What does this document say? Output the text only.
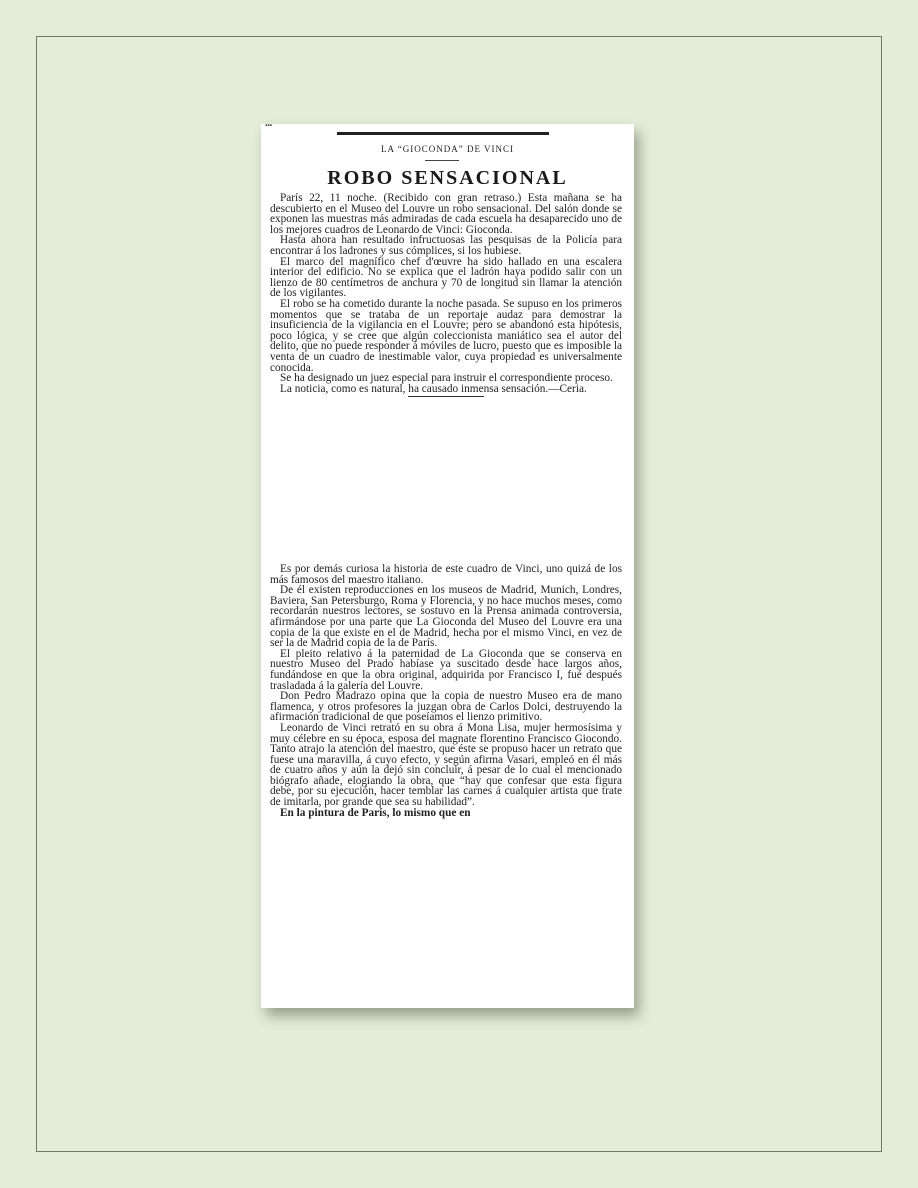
...
LA “GIOCONDA” DE VINCI
ROBO SENSACIONAL

París 22, 11 noche. (Recibido con gran retraso.) Esta mañana se ha descubierto en el Museo del Louvre un robo sensacional. Del salón donde se exponen las muestras más admiradas de cada escuela ha desaparecido uno de los mejores cuadros de Leonardo de Vinci: Gioconda.

Hasta ahora han resultado infructuosas las pesquisas de la Policía para encontrar á los ladrones y sus cómplices, si los hubiese.

El marco del magnífico chef d'œuvre ha sido hallado en una escalera interior del edificio. No se explica que el ladrón haya podido salir con un lienzo de 80 centímetros de anchura y 70 de longitud sin llamar la atención de los vigilantes.

El robo se ha cometido durante la noche pasada. Se supuso en los primeros momentos que se trataba de un reportaje audaz para demostrar la insuficiencia de la vigilancia en el Louvre; pero se abandonó esta hipótesis, poco lógica, y se cree que algún coleccionista maniático sea el autor del delito, que no puede responder á móviles de lucro, puesto que es imposible la venta de un cuadro de inestimable valor, cuya propiedad es universalmente conocida.

Se ha designado un juez especial para instruir el correspondiente proceso.

La noticia, como es natural, ha causado inmensa sensación.—Ceria.

Es por demás curiosa la historia de este cuadro de Vinci, uno quizá de los más famosos del maestro italiano.

De él existen reproducciones en los museos de Madrid, Munich, Londres, Baviera, San Petersburgo, Roma y Florencia, y no hace muchos meses, como recordarán nuestros lectores, se sostuvo en la Prensa animada controversia, afirmándose por una parte que La Gioconda del Museo del Louvre era una copia de la que existe en el de Madrid, hecha por el mismo Vinci, en vez de ser la de Madrid copia de la de París.

El pleito relativo á la paternidad de La Gioconda que se conserva en nuestro Museo del Prado habíase ya suscitado desde hace largos años, fundándose en que la obra original, adquirida por Francisco I, fué después trasladada á la galería del Louvre.

Don Pedro Madrazo opina que la copia de nuestro Museo era de mano flamenca, y otros profesores la juzgan obra de Carlos Dolci, destruyendo la afirmación tradicional de que poseíamos el lienzo primitivo.

Leonardo de Vinci retrató en su obra á Mona Lisa, mujer hermosísima y muy célebre en su época, esposa del magnate florentino Francisco Giocondo. Tanto atrajo la atención del maestro, que éste se propuso hacer un retrato que fuese una maravilla, á cuyo efecto, y según afirma Vasari, empleó en él más de cuatro años y aún la dejó sin concluir, á pesar de lo cual el mencionado biógrafo añade, elogiando la obra, que “hay que confesar que esta figura debe, por su ejecución, hacer temblar las carnes á cualquier artista que trate de imitarla, por grande que sea su habilidad”.

En la pintura de París, lo mismo que en
